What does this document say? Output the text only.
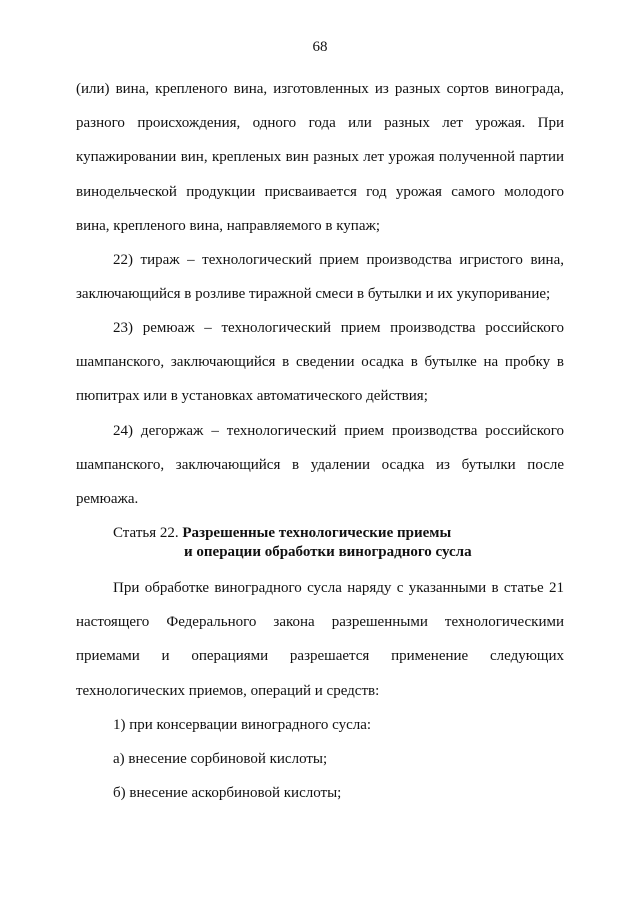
68
(или) вина, крепленого вина, изготовленных из разных сортов винограда,
разного происхождения, одного года или разных лет урожая. При
купажировании вин, крепленых вин разных лет урожая полученной партии
винодельческой продукции присваивается год урожая самого молодого
вина, крепленого вина, направляемого в купаж;
22) тираж – технологический прием производства игристого вина,
заключающийся в розливе тиражной смеси в бутылки и их укупоривание;
23) ремюаж – технологический прием производства российского
шампанского, заключающийся в сведении осадка в бутылке на пробку в
пюпитрах или в установках автоматического действия;
24) дегоржаж – технологический прием производства российского
шампанского, заключающийся в удалении осадка из бутылки после
ремюажа.
Статья 22. Разрешенные технологические приемы
и операции обработки виноградного сусла
При обработке виноградного сусла наряду с указанными в статье 21
настоящего Федерального закона разрешенными технологическими
приемами и операциями разрешается применение следующих
технологических приемов, операций и средств:
1) при консервации виноградного сусла:
а) внесение сорбиновой кислоты;
б) внесение аскорбиновой кислоты;
